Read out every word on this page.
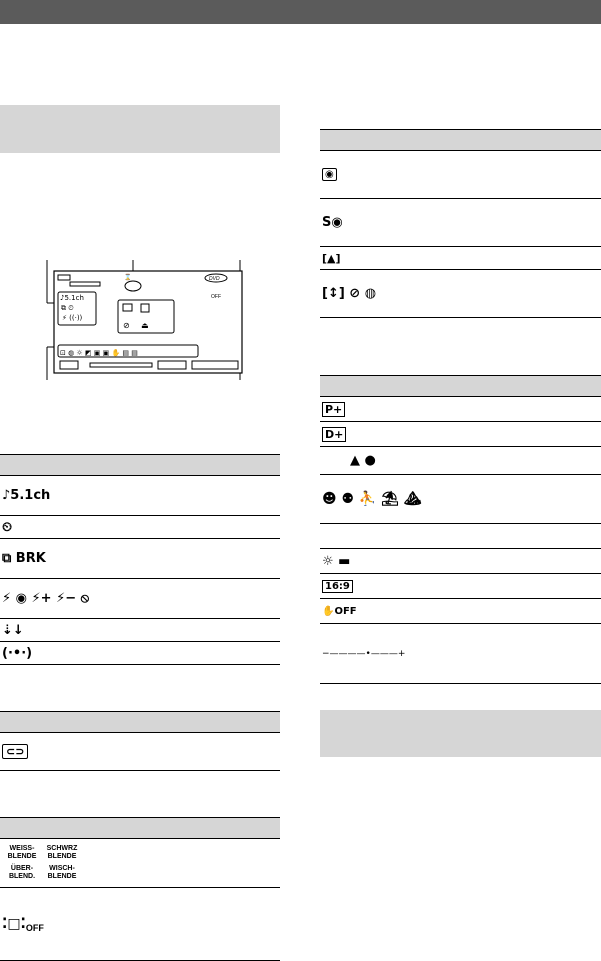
⌛	DVD
OFF
♪5.1ch
⧉ ⏲
⚡ ((·))
⊘ ⏏
⊡ ◍ ☼ ◩ ▣ ▣ ✋ ▤ ▤
♪5.1ch
⏲
⧉ BRK
⚡ ◉ ⚡+ ⚡− ⦸
⇣↓
(·•·)
⊂⊃
WEISS-
BLENDE
SCHWRZ
BLENDE
ÜBER-
BLEND.
WISCH-
BLENDE
⁚□⁚ OFF
◉
S◉
[▲]
[↕] ⊘ ◍
P+
D+
▲ ●
☻ ⚉ ⛹ ⛱ ⛰
☼ ▬
16:9
✋OFF
−————•———+
